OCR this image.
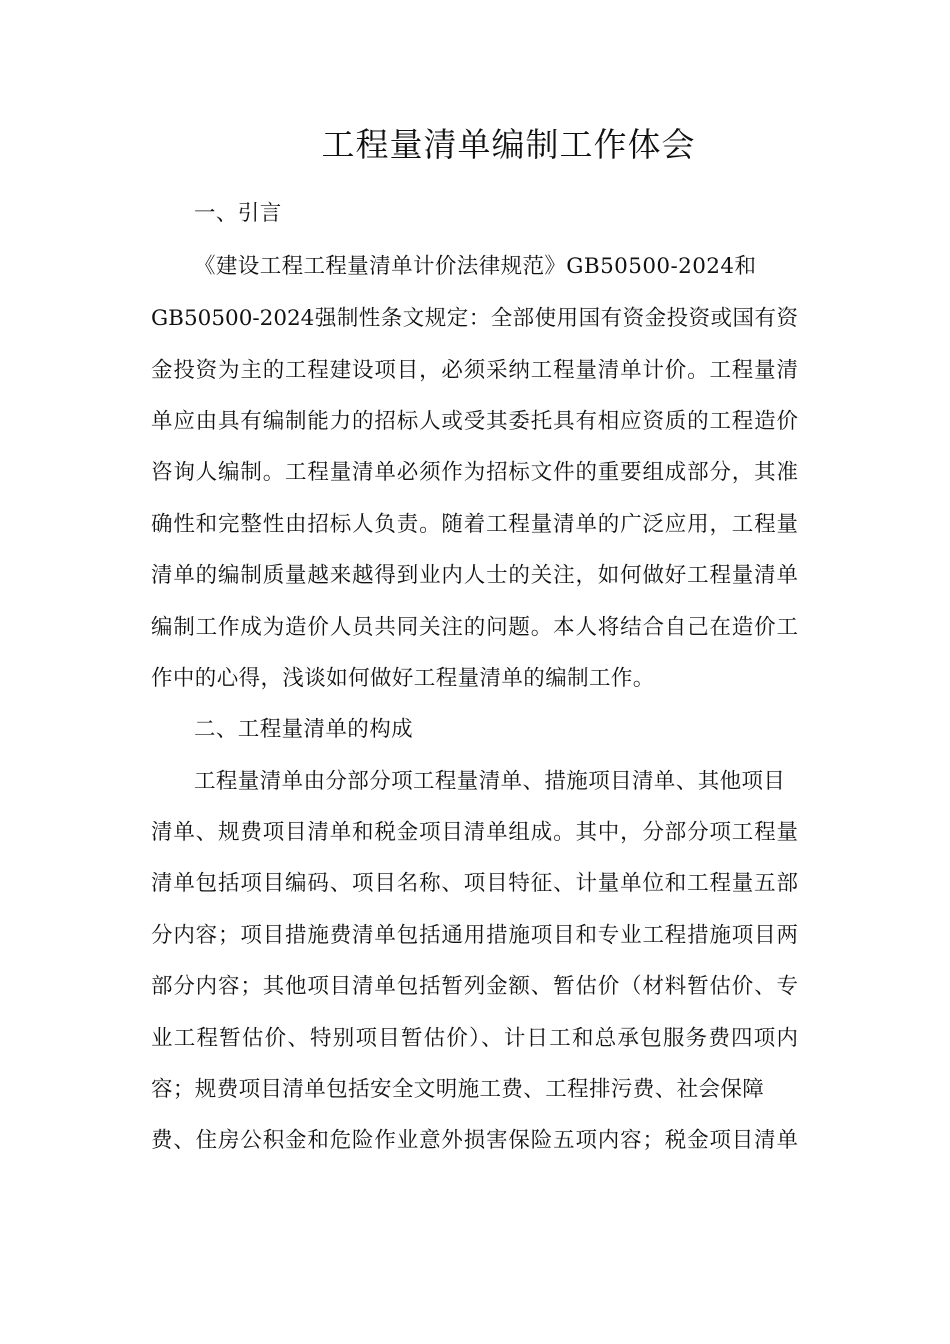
工程量清单编制工作体会
一、引言
《建设工程工程量清单计价法律规范》GB50500-2024和
GB50500-2024强制性条文规定：全部使用国有资金投资或国有资
金投资为主的工程建设项目，必须采纳工程量清单计价。工程量清
单应由具有编制能力的招标人或受其委托具有相应资质的工程造价
咨询人编制。工程量清单必须作为招标文件的重要组成部分，其准
确性和完整性由招标人负责。随着工程量清单的广泛应用，工程量
清单的编制质量越来越得到业内人士的关注，如何做好工程量清单
编制工作成为造价人员共同关注的问题。本人将结合自己在造价工
作中的心得，浅谈如何做好工程量清单的编制工作。
二、工程量清单的构成
工程量清单由分部分项工程量清单、措施项目清单、其他项目
清单、规费项目清单和税金项目清单组成。其中，分部分项工程量
清单包括项目编码、项目名称、项目特征、计量单位和工程量五部
分内容；项目措施费清单包括通用措施项目和专业工程措施项目两
部分内容；其他项目清单包括暂列金额、暂估价（材料暂估价、专
业工程暂估价、特别项目暂估价）、计日工和总承包服务费四项内
容；规费项目清单包括安全文明施工费、工程排污费、社会保障
费、住房公积金和危险作业意外损害保险五项内容；税金项目清单
